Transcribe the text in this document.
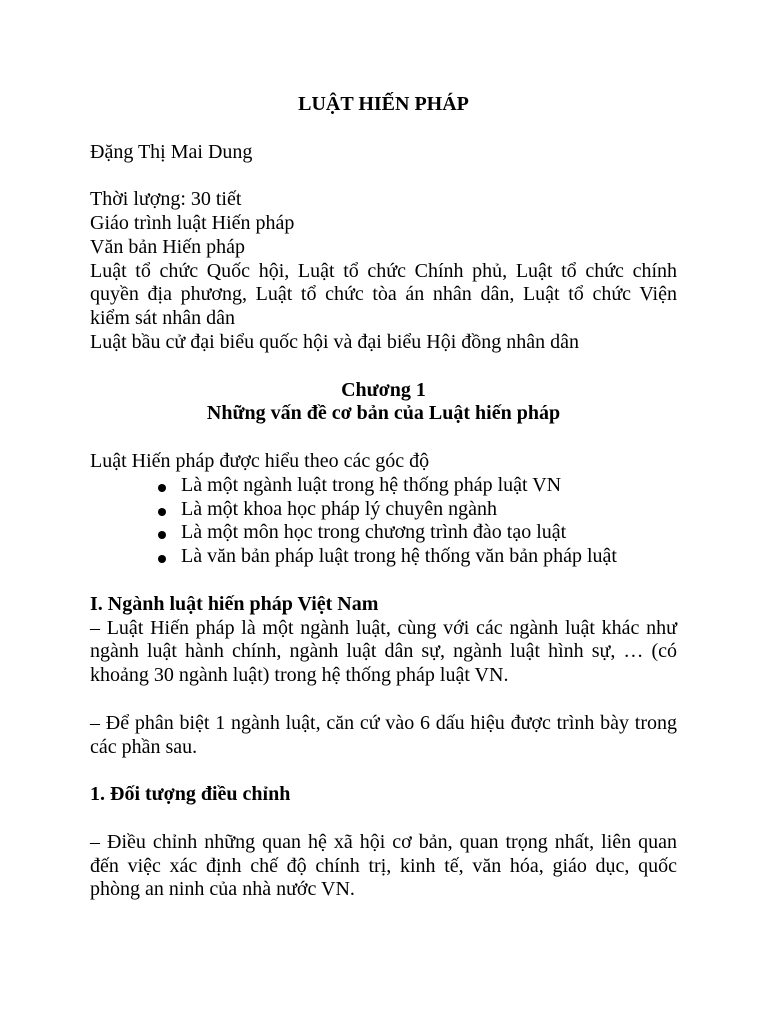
LUẬT HIẾN PHÁP
Đặng Thị Mai Dung
Thời lượng: 30 tiết
Giáo trình luật Hiến pháp
Văn bản Hiến pháp
Luật tổ chức Quốc hội, Luật tổ chức Chính phủ, Luật tổ chức chính
quyền địa phương, Luật tổ chức tòa án nhân dân, Luật tổ chức Viện
kiểm sát nhân dân
Luật bầu cử đại biểu quốc hội và đại biểu Hội đồng nhân dân
Chương 1
Những vấn đề cơ bản của Luật hiến pháp
Luật Hiến pháp được hiểu theo các góc độ
Là một ngành luật trong hệ thống pháp luật VN
Là một khoa học pháp lý chuyên ngành
Là một môn học trong chương trình đào tạo luật
Là văn bản pháp luật trong hệ thống văn bản pháp luật
I. Ngành luật hiến pháp Việt Nam
– Luật Hiến pháp là một ngành luật, cùng với các ngành luật khác như
ngành luật hành chính, ngành luật dân sự, ngành luật hình sự, … (có
khoảng 30 ngành luật) trong hệ thống pháp luật VN.
– Để phân biệt 1 ngành luật, căn cứ vào 6 dấu hiệu được trình bày trong
các phần sau.
1. Đối tượng điều chỉnh
– Điều chỉnh những quan hệ xã hội cơ bản, quan trọng nhất, liên quan
đến việc xác định chế độ chính trị, kinh tế, văn hóa, giáo dục, quốc
phòng an ninh của nhà nước VN.
